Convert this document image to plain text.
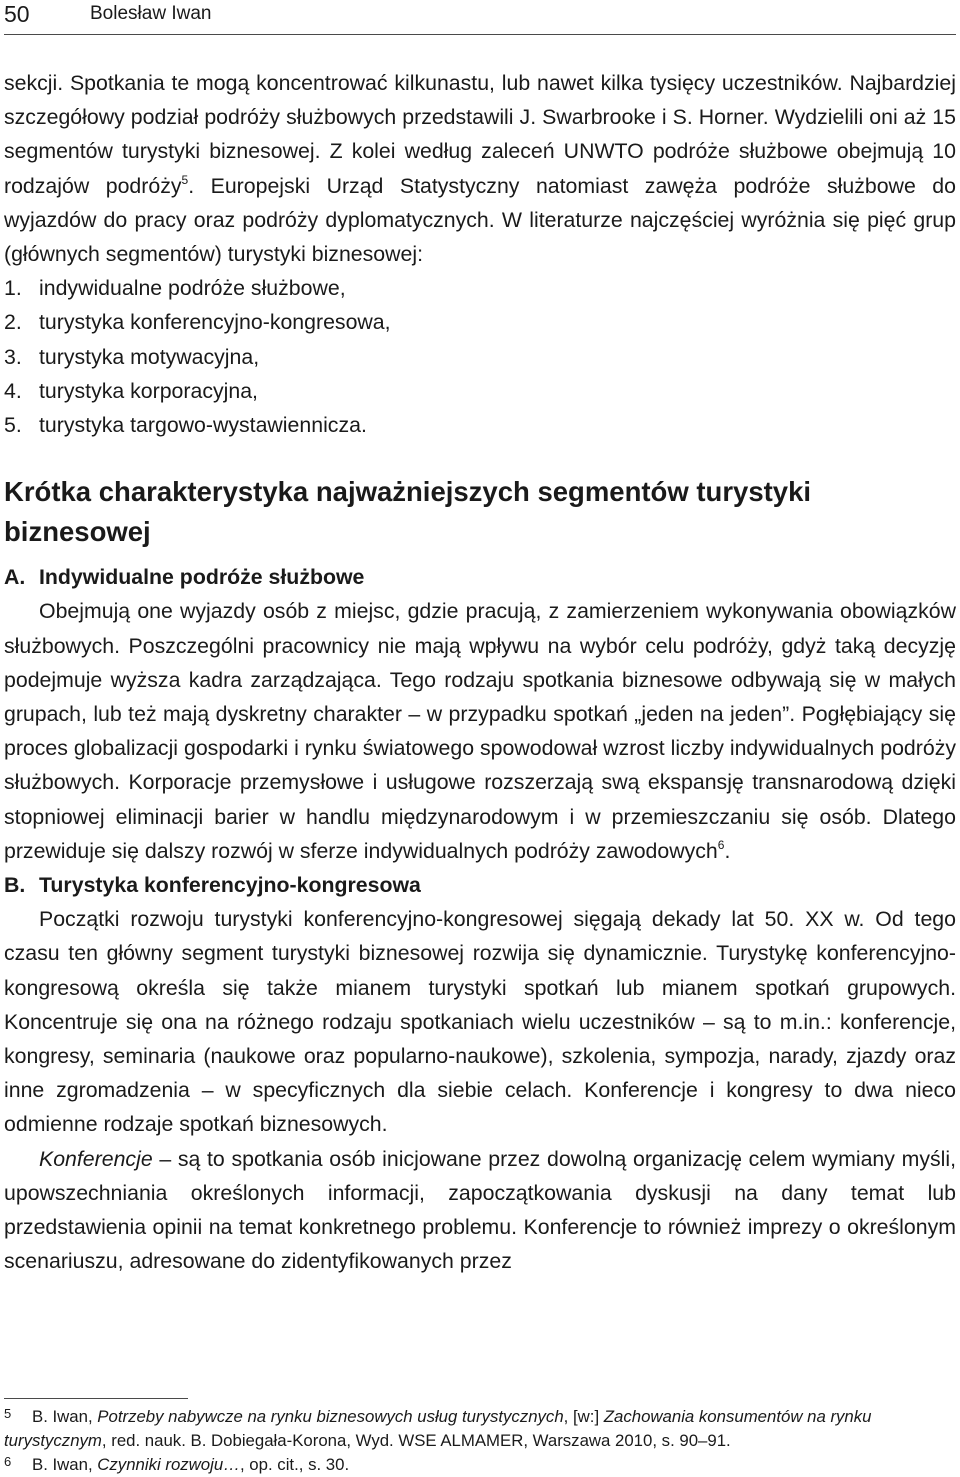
50	Bolesław Iwan

sekcji. Spotkania te mogą koncentrować kilkunastu, lub nawet kilka tysięcy uczestników. Najbardziej szczegółowy podział podróży służbowych przedstawili J. Swarbrooke i S. Horner. Wydzielili oni aż 15 segmentów turystyki biznesowej. Z kolei według zaleceń UNWTO podróże służbowe obejmują 10 rodzajów podróży$^5$. Europejski Urząd Statystyczny natomiast zawęża podróże służbowe do wyjazdów do pracy oraz podróży dyplomatycznych. W literaturze najczęściej wyróżnia się pięć grup (głównych segmentów) turystyki biznesowej:

1. indywidualne podróże służbowe,
2. turystyka konferencyjno-kongresowa,
3. turystyka motywacyjna,
4. turystyka korporacyjna,
5. turystyka targowo-wystawiennicza.
Krótka charakterystyka najważniejszych segmentów turystyki biznesowej

A. Indywidualne podróże służbowe

Obejmują one wyjazdy osób z miejsc, gdzie pracują, z zamierzeniem wykonywania obowiązków służbowych. Poszczególni pracownicy nie mają wpływu na wybór celu podróży, gdyż taką decyzję podejmuje wyższa kadra zarządzająca. Tego rodzaju spotkania biznesowe odbywają się w małych grupach, lub też mają dyskretny charakter – w przypadku spotkań „jeden na jeden”. Pogłębiający się proces globalizacji gospodarki i rynku światowego spowodował wzrost liczby indywidualnych podróży służbowych. Korporacje przemysłowe i usługowe rozszerzają swą ekspansję transnarodową dzięki stopniowej eliminacji barier w handlu międzynarodowym i w przemieszczaniu się osób. Dlatego przewiduje się dalszy rozwój w sferze indywidualnych podróży zawodowych$^6$.

B. Turystyka konferencyjno-kongresowa

Początki rozwoju turystyki konferencyjno-kongresowej sięgają dekady lat 50. XX w. Od tego czasu ten główny segment turystyki biznesowej rozwija się dynamicznie. Turystykę konferencyjno-kongresową określa się także mianem turystyki spotkań lub mianem spotkań grupowych. Koncentruje się ona na różnego rodzaju spotkaniach wielu uczestników – są to m.in.: konferencje, kongresy, seminaria (naukowe oraz popularno-naukowe), szkolenia, sympozja, narady, zjazdy oraz inne zgromadzenia – w specyficznych dla siebie celach. Konferencje i kongresy to dwa nieco odmienne rodzaje spotkań biznesowych.

Konferencje – są to spotkania osób inicjowane przez dowolną organizację celem wymiany myśli, upowszechniania określonych informacji, zapoczątkowania dyskusji na dany temat lub przedstawienia opinii na temat konkretnego problemu. Konferencje to również imprezy o określonym scenariuszu, adresowane do zidentyfikowanych przez

5 B. Iwan, Potrzeby nabywcze na rynku biznesowych usług turystycznych, [w:] Zachowania konsumentów na rynku turystycznym, red. nauk. B. Dobiegała-Korona, Wyd. WSE ALMAMER, Warszawa 2010, s. 90–91.

6 B. Iwan, Czynniki rozwoju…, op. cit., s. 30.
